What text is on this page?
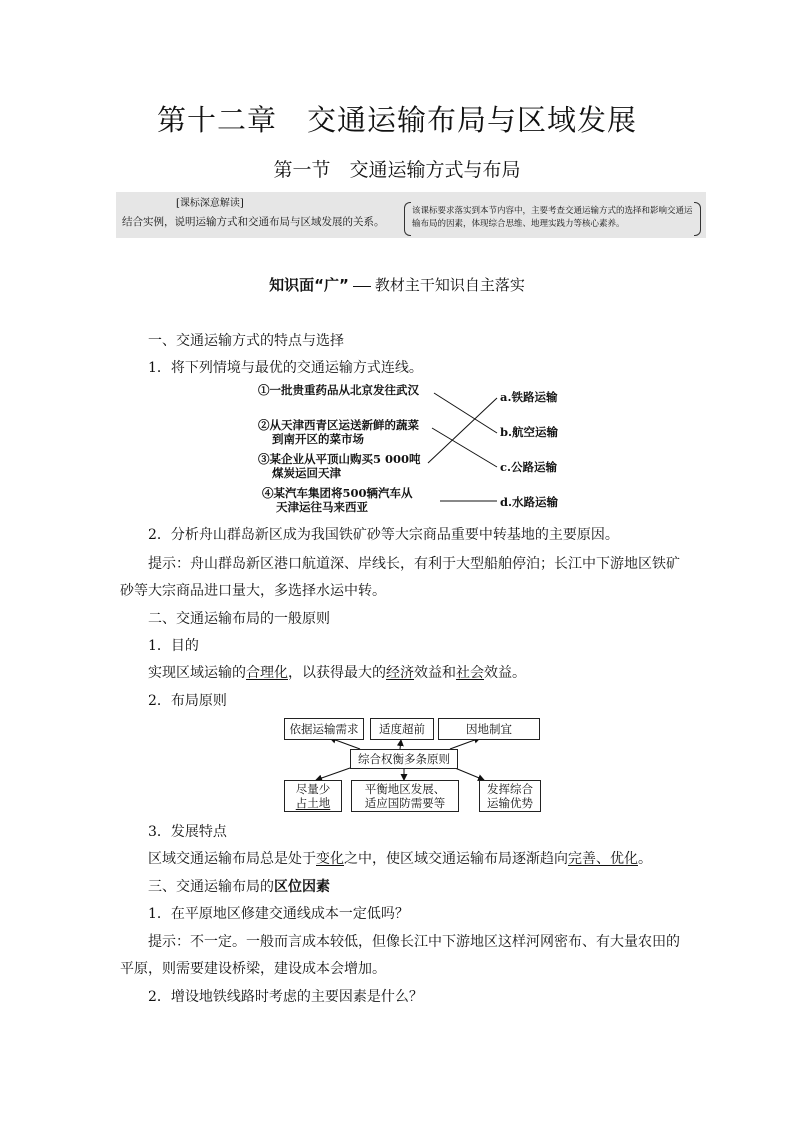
第十二章　交通运输布局与区域发展
第一节　交通运输方式与布局
[课标深意解读]
结合实例，说明运输方式和交通布局与区域发展的关系。
该课标要求落实到本节内容中，主要考查交通运输方式的选择和影响交通运输布局的因素，体现综合思维、地理实践力等核心素养。
知识面“广” 教材主干知识自主落实
一、交通运输方式的特点与选择
1．将下列情境与最优的交通运输方式连线。
①一批贵重药品从北京发往武汉
②从天津西青区运送新鲜的蔬菜
到南开区的菜市场
③某企业从平顶山购买5 000吨
煤炭运回天津
④某汽车集团将500辆汽车从
天津运往马来西亚
a.铁路运输
b.航空运输
c.公路运输
d.水路运输
2．分析舟山群岛新区成为我国铁矿砂等大宗商品重要中转基地的主要原因。
提示：舟山群岛新区港口航道深、岸线长，有利于大型船舶停泊；长江中下游地区铁矿
砂等大宗商品进口量大，多选择水运中转。
二、交通运输布局的一般原则
1．目的
实现区域运输的合理化，以获得最大的经济效益和社会效益。
2．布局原则
依据运输需求 适度超前	因地制宜
综合权衡多条原则
尽量少
占土地
平衡地区发展、
适应国防需要等
发挥综合
运输优势
3．发展特点
区域交通运输布局总是处于变化之中，使区域交通运输布局逐渐趋向完善、优化。
三、交通运输布局的区位因素
1．在平原地区修建交通线成本一定低吗？
提示：不一定。一般而言成本较低，但像长江中下游地区这样河网密布、有大量农田的
平原，则需要建设桥梁，建设成本会增加。
2．增设地铁线路时考虑的主要因素是什么？
